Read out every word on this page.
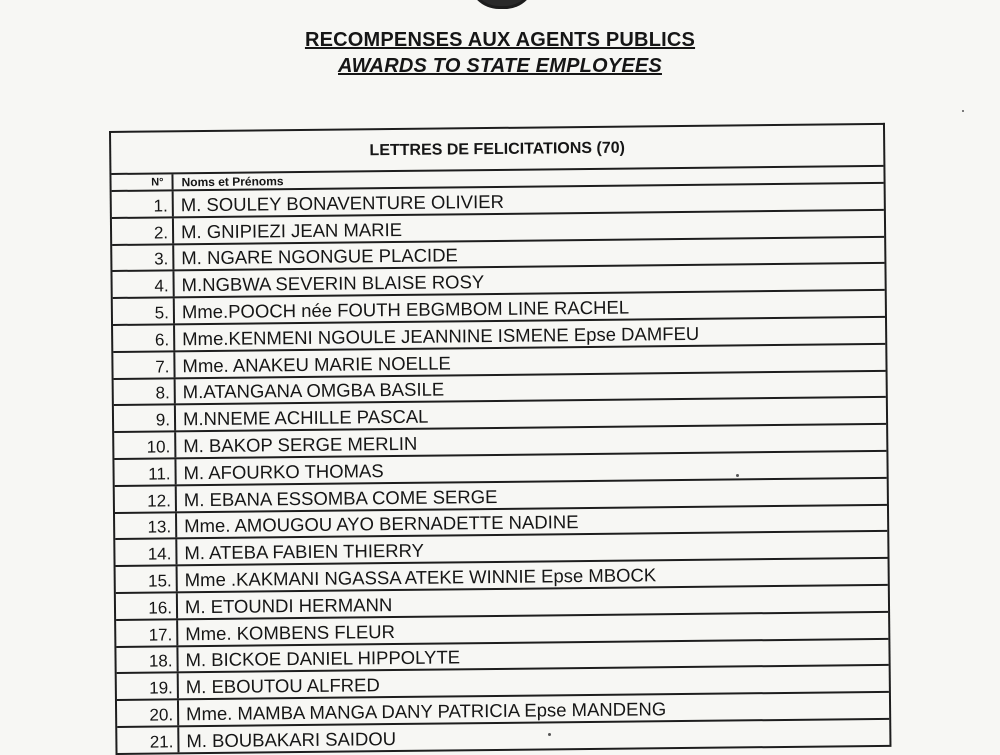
RECOMPENSES AUX AGENTS PUBLICS
AWARDS TO STATE EMPLOYEES
LETTRES DE FELICITATIONS (70)
N°	Noms et Prénoms
1. M. SOULEY BONAVENTURE OLIVIER
2. M. GNIPIEZI JEAN MARIE
3. M. NGARE NGONGUE PLACIDE
4. M.NGBWA SEVERIN BLAISE ROSY
5. Mme.POOCH née FOUTH EBGMBOM LINE RACHEL
6. Mme.KENMENI NGOULE JEANNINE ISMENE Epse DAMFEU
7. Mme. ANAKEU MARIE NOELLE
8. M.ATANGANA OMGBA BASILE
9. M.NNEME ACHILLE PASCAL
10. M. BAKOP SERGE MERLIN
11. M. AFOURKO THOMAS
12. M. EBANA ESSOMBA COME SERGE
13. Mme. AMOUGOU AYO BERNADETTE NADINE
14. M. ATEBA FABIEN THIERRY
15. Mme .KAKMANI NGASSA ATEKE WINNIE Epse MBOCK
16. M. ETOUNDI HERMANN
17. Mme. KOMBENS FLEUR
18. M. BICKOE DANIEL HIPPOLYTE
19. M. EBOUTOU ALFRED
20. Mme. MAMBA MANGA DANY PATRICIA Epse MANDENG
21. M. BOUBAKARI SAIDOU
